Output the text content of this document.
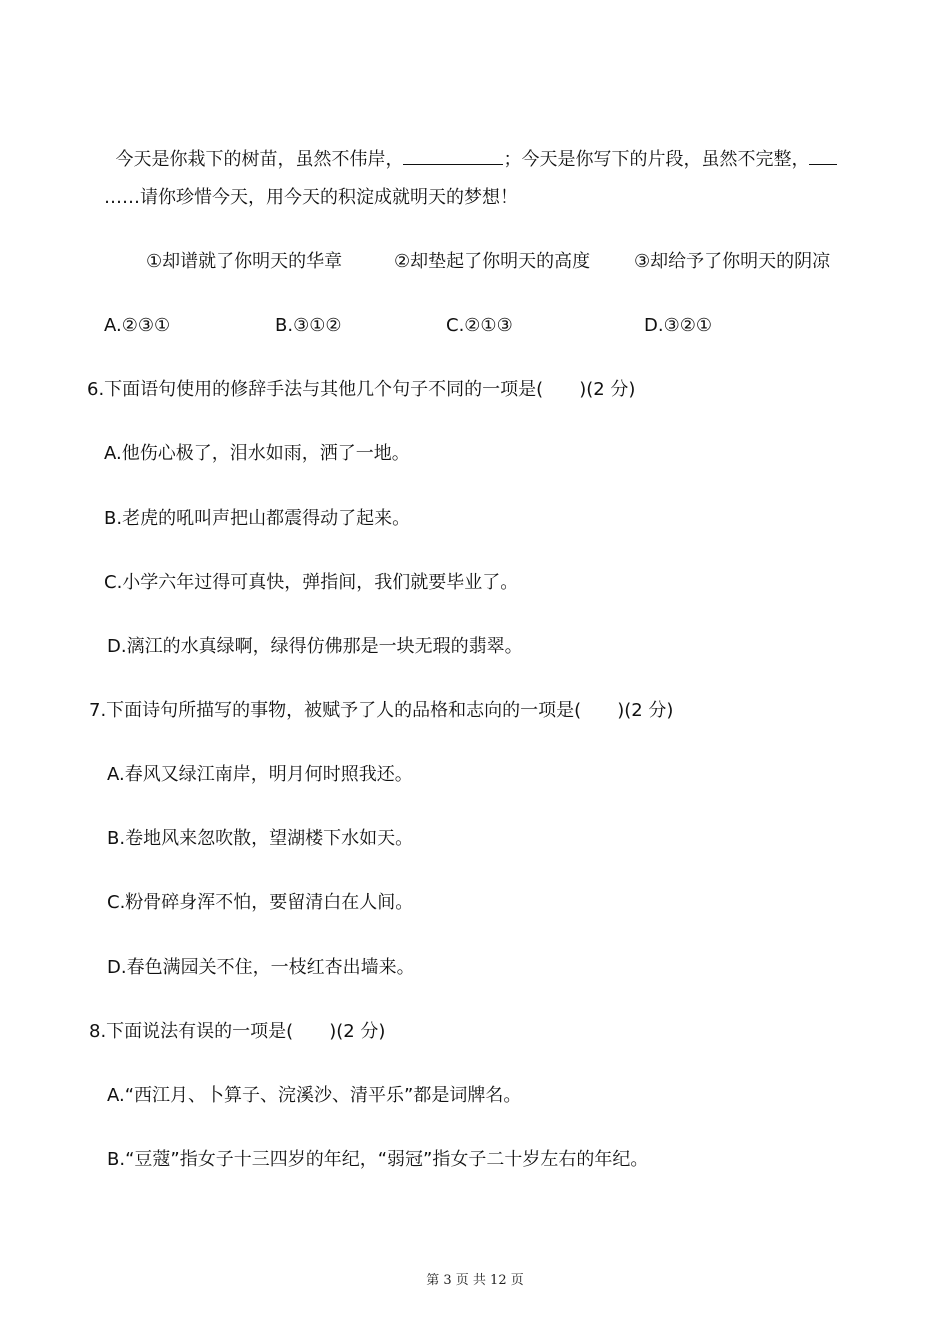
今天是你栽下的树苗，虽然不伟岸，	；今天是你写下的片段，虽然不完整，

……请你珍惜今天，用今天的积淀成就明天的梦想！
①却谱就了你明天的华章	②却垫起了你明天的高度 ③却给予了你明天的阴凉
A.②③①	B.③①②	C.②①③	D.③②①
6.下面语句使用的修辞手法与其他几个句子不同的一项是(　　)(2 分)
A.他伤心极了，泪水如雨，洒了一地。
B.老虎的吼叫声把山都震得动了起来。
C.小学六年过得可真快，弹指间，我们就要毕业了。
D.漓江的水真绿啊，绿得仿佛那是一块无瑕的翡翠。
7.下面诗句所描写的事物，被赋予了人的品格和志向的一项是(　　)(2 分)
A.春风又绿江南岸，明月何时照我还。
B.卷地风来忽吹散，望湖楼下水如天。
C.粉骨碎身浑不怕，要留清白在人间。
D.春色满园关不住，一枝红杏出墙来。
8.下面说法有误的一项是(　　)(2 分)
A.“西江月、卜算子、浣溪沙、清平乐”都是词牌名。
B.“豆蔻”指女子十三四岁的年纪，“弱冠”指女子二十岁左右的年纪。
第 3 页 共 12 页
